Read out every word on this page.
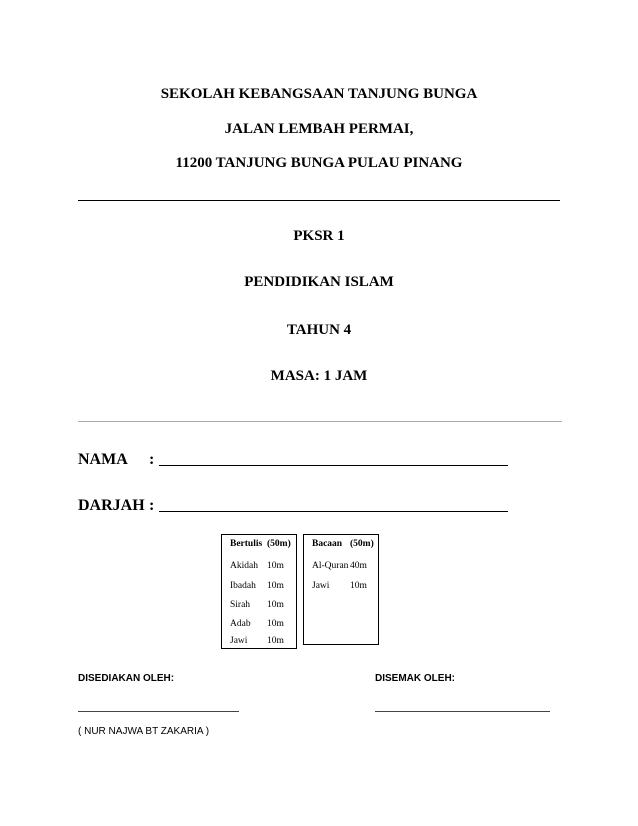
SEKOLAH KEBANGSAAN TANJUNG BUNGA
JALAN LEMBAH PERMAI,
11200 TANJUNG BUNGA PULAU PINANG
PKSR 1
PENDIDIKAN ISLAM
TAHUN 4
MASA: 1 JAM
NAMA :
DARJAH :
Bertulis (50m)
Akidah 10m
Ibadah 10m
Sirah 10m
Adab 10m
Jawi 10m
Bacaan (50m)
Al-Quran 40m
Jawi 10m
DISEDIAKAN OLEH:	DISEMAK OLEH:
( NUR NAJWA BT ZAKARIA )
